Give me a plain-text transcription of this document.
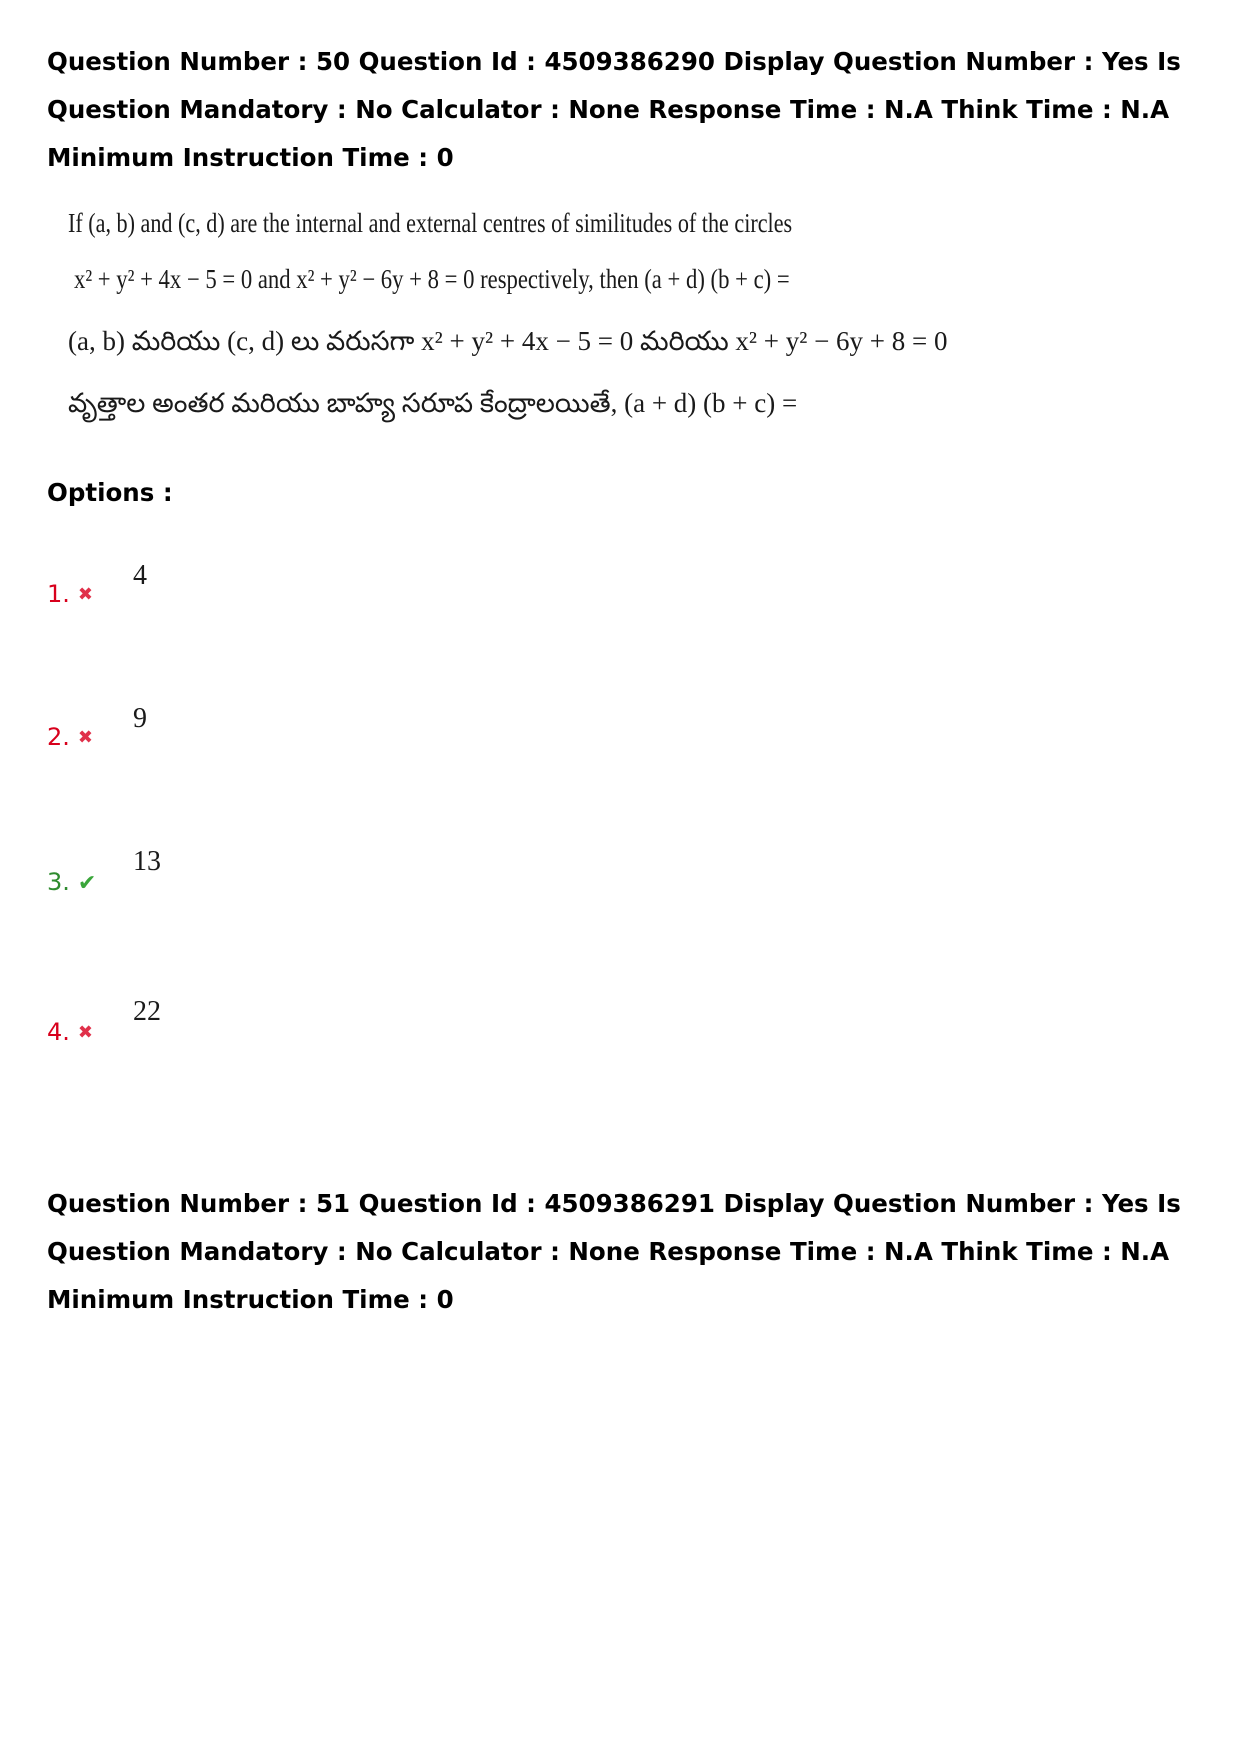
Question Number : 50 Question Id : 4509386290 Display Question Number : Yes Is Question Mandatory : No Calculator : None Response Time : N.A Think Time : N.A Minimum Instruction Time : 0

If (a, b) and (c, d) are the internal and external centres of similitudes of the circles
x² + y² + 4x − 5 = 0 and x² + y² − 6y + 8 = 0 respectively, then (a + d) (b + c) =
(a, b) మరియు (c, d) లు వరుసగా x² + y² + 4x − 5 = 0 మరియు x² + y² − 6y + 8 = 0
వృత్తాల అంతర మరియు బాహ్య సరూప కేంద్రాలయితే, (a + d) (b + c) =

Options :

1. ✖
4
2. ✖
9
3. ✔
13
4. ✖
22

Question Number : 51 Question Id : 4509386291 Display Question Number : Yes Is Question Mandatory : No Calculator : None Response Time : N.A Think Time : N.A Minimum Instruction Time : 0
